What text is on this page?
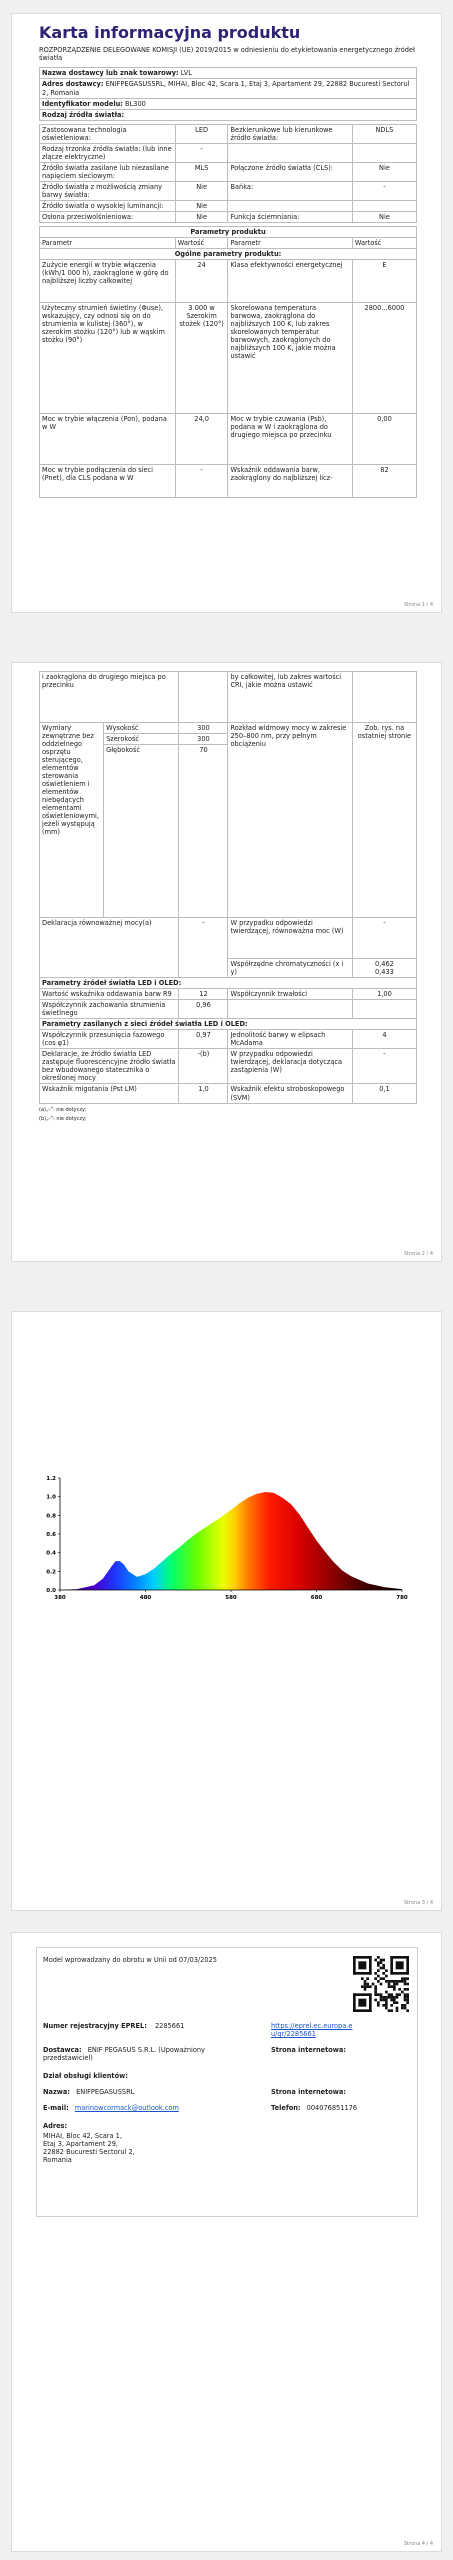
Karta informacyjna produktu
ROZPORZĄDZENIE DELEGOWANE KOMISJI (UE) 2019/2015 w odniesieniu do etykietowania energetycznego źródeł światła
Nazwa dostawcy lub znak towarowy: LVL
Adres dostawcy: ENIFPEGASUSSRL, MIHAI, Bloc 42, Scara 1, Etaj 3, Apartament 29, 22882 Bucuresti Sectorul 2, Romania
Identyfikator modelu: BL300
Rodzaj źródła światła:
Zastosowana technologia oświetleniowa:	LED	Bezkierunkowe lub kierunkowe źródło światła:	NDLS
Rodzaj trzonka źródła światła: (lub inne złącze elektryczne)	-		
Źródło światła zasilane lub niezasilane napięciem sieciowym:	MLS	Połączone źródło światła (CLS):	Nie
Źródło światła z możliwością zmiany barwy światła:	Nie	Bańka:	-
Źródło światła o wysokiej luminancji:	Nie		
Osłona przeciwolśnieniowa:	Nie	Funkcja ściemniania:	Nie
Parametry produktu			
Parametr	Wartość	Parametr	Wartość
Ogólne parametry produktu:			
Zużycie energii w trybie włączenia (kWh/1 000 h), zaokrąglone w górę do najbliższej liczby całkowitej	24	Klasa efektywności energetycznej	E
Użyteczny strumień świetlny (Φuse), wskazujący, czy odnosi się on do strumienia w kulistej (360°), w szerokim stożku (120°) lub w wąskim stożku (90°)	3 000 w Szerokim stożek (120°)	Skorelowana temperatura barwowa, zaokrąglona do najbliższych 100 K, lub zakres skorelowanych temperatur barwowych, zaokrąglonych do najbliższych 100 K, jakie można ustawić	2800...6000
Moc w trybie włączenia (Pon), podana w W	24,0	Moc w trybie czuwania (Psb), podana w W i zaokrąglona do drugiego miejsca po przecinku	0,00
Moc w trybie podłączenia do sieci (Pnet), dla CLS podana w W	-	Wskaźnik oddawania barw, zaokrąglony do najbliższej licz-	82
Strona 1 / 4
i zaokrąglona do drugiego miejsca po przecinku			by całkowitej, lub zakres wartości CRI, jakie można ustawić	
Wymiary zewnętrzne bez oddzielnego osprzętu sterującego, elementów sterowania oświetleniem i elementów niebędących elementami oświetleniowymi, jeżeli występują (mm)	Wysokość	300	Rozkład widmowy mocy w zakresie 250–800 nm, przy pełnym obciążeniu	Zob. rys. na ostatniej stronie
	Szerokość	300		
	Głębokość	70		
Deklaracja równoważnej mocy(a)		-	W przypadku odpowiedzi twierdzącej, równoważna moc (W)	-
			Współrzędne chromatyczności (x i y)	0,462
0,433
Parametry źródeł światła LED i OLED:				
Wartość wskaźnika oddawania barw R9		12	Współczynnik trwałości	1,00
Współczynnik zachowania strumienia świetlnego		0,96		
Parametry zasilanych z sieci źródeł światła LED i OLED:				
Współczynnik przesunięcia fazowego (cos φ1)		0,97	Jednolitość barwy w elipsach McAdama	4
Deklaracje, że źródło światła LED zastępuje fluorescencyjne źródło światła bez wbudowanego statecznika o określonej mocy		-(b)	W przypadku odpowiedzi twierdzącej, deklaracja dotycząca zastąpienia (W)	-
Wskaźnik migotania (Pst LM)		1,0	Wskaźnik efektu stroboskopowego (SVM)	0,1
(a)„-”: nie dotyczy;
(b)„-”: nie dotyczy;
Strona 2 / 4
0.0
0.2
0.4
0.6
0.8
1.0
1.2
380	480	580	680	780
Strona 3 / 4
Model wprowadzany do obrotu w Unii od 07/03/2025
Numer rejestracyjny EPREL: 2285661	https://eprel.ec.europa.eu/qr/2285661
Dostawca: ENIF PEGASUS S.R.L. (Upoważniony przedstawiciel)
Strona internetowa:
Dział obsługi klientów:
Nazwa: ENIFPEGASUSSRL	Strona internetowa:
E-mail: marinowcormack@outlook.com	Telefon: 004076851176
Adres:
MIHAI, Bloc 42, Scara 1,
Etaj 3, Apartament 29,
22882 Bucuresti Sectorul 2,
Romania
Strona 4 / 4
